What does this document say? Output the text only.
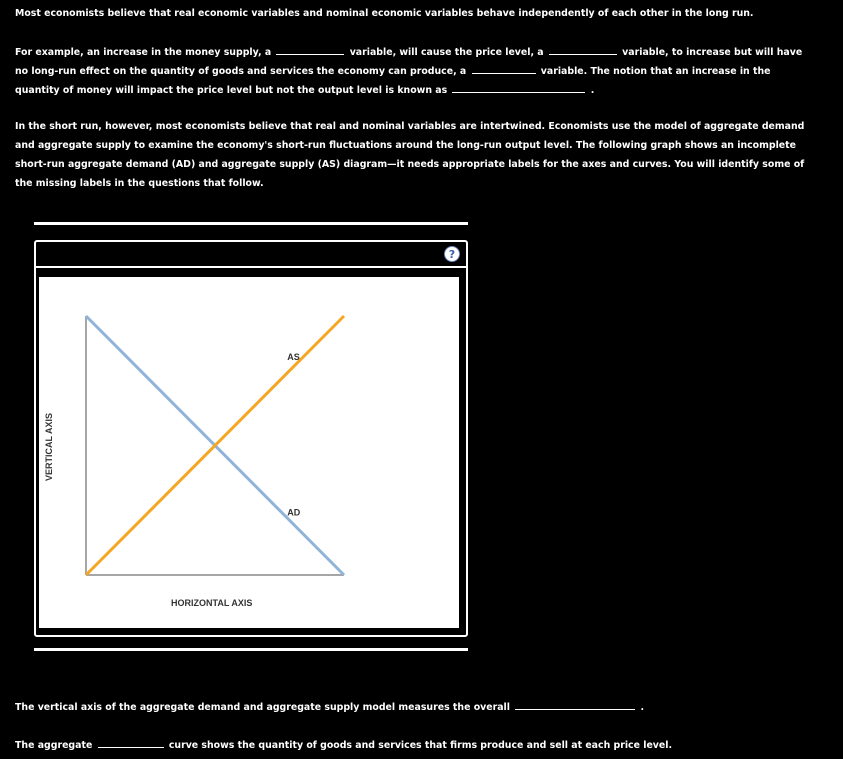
Most economists believe that real economic variables and nominal economic variables behave independently of each other in the long run.
For example, an increase in the money supply, a	variable, will cause the price level, a	variable, to increase but will have
no long-run effect on the quantity of goods and services the economy can produce, a	variable. The notion that an increase in the
quantity of money will impact the price level but not the output level is known as	.
In the short run, however, most economists believe that real and nominal variables are intertwined. Economists use the model of aggregate demand
and aggregate supply to examine the economy's short-run fluctuations around the long-run output level. The following graph shows an incomplete
short-run aggregate demand (AD) and aggregate supply (AS) diagram—it needs appropriate labels for the axes and curves. You will identify some of
the missing labels in the questions that follow.
?
AS
AD
HORIZONTAL AXIS
VERTICAL AXIS
The vertical axis of the aggregate demand and aggregate supply model measures the overall	.
The aggregate	curve shows the quantity of goods and services that firms produce and sell at each price level.
